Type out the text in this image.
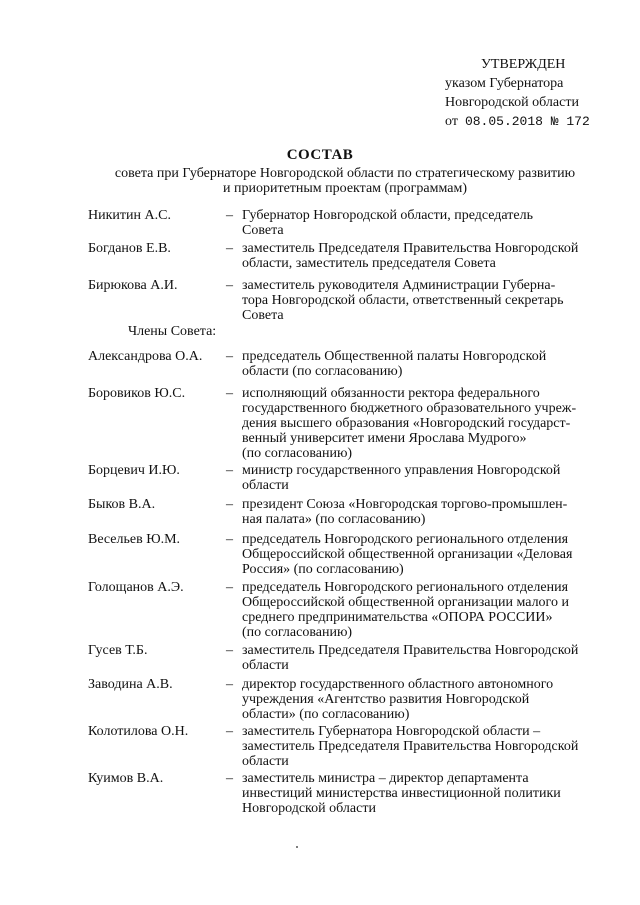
УТВЕРЖДЕН
указом Губернатора
Новгородской области
от 08.05.2018 № 172
СОСТАВ
совета при Губернаторе Новгородской области по стратегическому развитию
и приоритетным проектам (программам)
Никитин А.С.	– Губернатор Новгородской области, председатель
Совета
Богданов Е.В.	– заместитель Председателя Правительства Новгородской
области, заместитель председателя Совета
Бирюкова А.И.	– заместитель руководителя Администрации Губерна-
тора Новгородской области, ответственный секретарь
Совета
Члены Совета:
Александрова О.А. – председатель Общественной палаты Новгородской
области (по согласованию)
Боровиков Ю.С.	– исполняющий обязанности ректора федерального
государственного бюджетного образовательного учреж-
дения высшего образования «Новгородский государст-
венный университет имени Ярослава Мудрого»
(по согласованию)
Борцевич И.Ю.	– министр государственного управления Новгородской
области
Быков В.А.	– президент Союза «Новгородская торгово-промышлен-
ная палата» (по согласованию)
Весельев Ю.М.	– председатель Новгородского регионального отделения
Общероссийской общественной организации «Деловая
Россия» (по согласованию)
Голощанов А.Э.	– председатель Новгородского регионального отделения
Общероссийской общественной организации малого и
среднего предпринимательства «ОПОРА РОССИИ»
(по согласованию)
Гусев Т.Б.	– заместитель Председателя Правительства Новгородской
области
Заводина А.В.	– директор государственного областного автономного
учреждения «Агентство развития Новгородской
области» (по согласованию)
Колотилова О.Н.	– заместитель Губернатора Новгородской области –
заместитель Председателя Правительства Новгородской
области
Куимов В.А.	– заместитель министра – директор департамента
инвестиций министерства инвестиционной политики
Новгородской области
